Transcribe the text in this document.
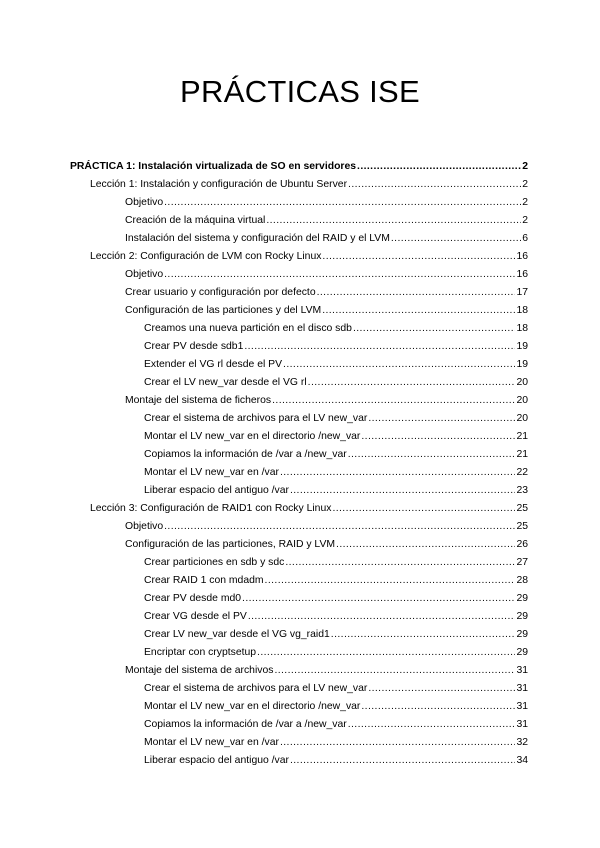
PRÁCTICAS ISE
PRÁCTICA 1: Instalación virtualizada de SO en servidores .....	2
Lección 1: Instalación y configuración de Ubuntu Server .....	2
Objetivo .....	2
Creación de la máquina virtual .....	2
Instalación del sistema y configuración del RAID y el LVM .....	6
Lección 2: Configuración de LVM con Rocky Linux .....	16
Objetivo .....	16
Crear usuario y configuración por defecto .....	17
Configuración de las particiones y del LVM .....	18
Creamos una nueva partición en el disco sdb .....	18
Crear PV desde sdb1 .....	19
Extender el VG rl desde el PV .....	19
Crear el LV new_var desde el VG rl .....	20
Montaje del sistema de ficheros .....	20
Crear el sistema de archivos para el LV new_var .....	20
Montar el LV new_var en el directorio /new_var .....	21
Copiamos la información de /var a /new_var .....	21
Montar el LV new_var en /var .....	22
Liberar espacio del antiguo /var .....	23
Lección 3: Configuración de RAID1 con Rocky Linux .....	25
Objetivo .....	25
Configuración de las particiones, RAID y LVM .....	26
Crear particiones en sdb y sdc .....	27
Crear RAID 1 con mdadm .....	28
Crear PV desde md0 .....	29
Crear VG desde el PV .....	29
Crear LV new_var desde el VG vg_raid1 .....	29
Encriptar con cryptsetup .....	29
Montaje del sistema de archivos .....	31
Crear el sistema de archivos para el LV new_var .....	31
Montar el LV new_var en el directorio /new_var .....	31
Copiamos la información de /var a /new_var .....	31
Montar el LV new_var en /var .....	32
Liberar espacio del antiguo /var .....	34
